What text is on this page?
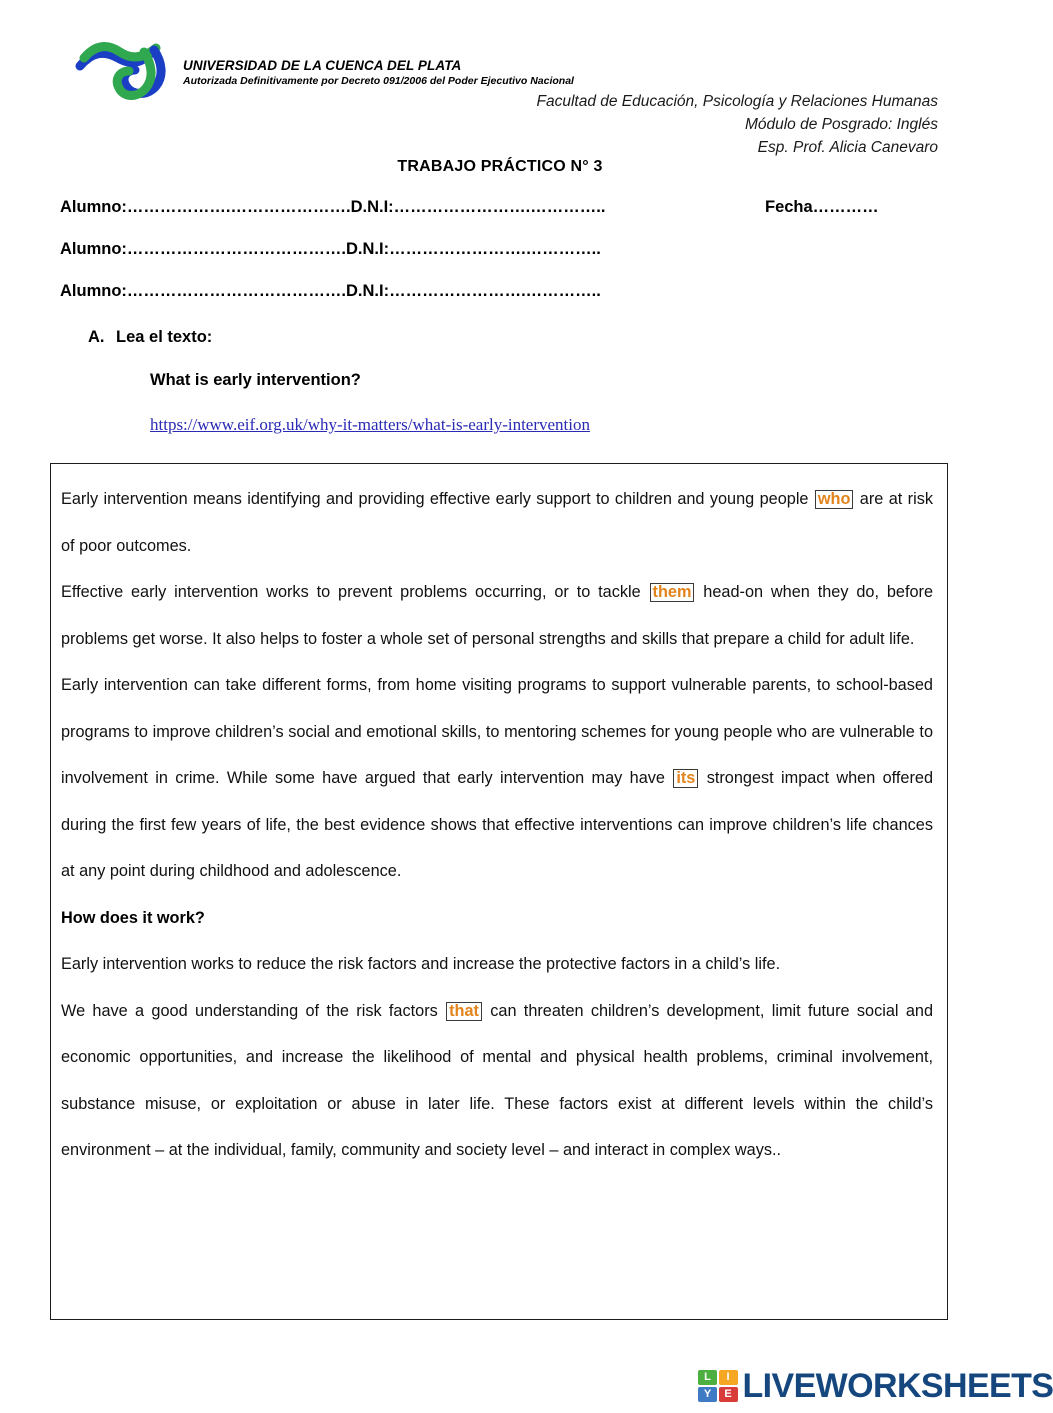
UNIVERSIDAD DE LA CUENCA DEL PLATA
Autorizada Definitivamente por Decreto 091/2006 del Poder Ejecutivo Nacional
Facultad de Educación, Psicología y Relaciones Humanas
Módulo de Posgrado: Inglés
Esp. Prof. Alicia Canevaro
TRABAJO PRÁCTICO N° 3
Alumno:……………….………………….D.N.I:…………………….…………..	Fecha…………
Alumno:………………………………….D.N.I:…………………….…………..
Alumno:………………………………….D.N.I:…………………….…………..
A. Lea el texto:
What is early intervention?
https://www.eif.org.uk/why-it-matters/what-is-early-intervention

Early intervention means identifying and providing effective early support to children and young people who are at risk of poor outcomes.

Effective early intervention works to prevent problems occurring, or to tackle them head-on when they do, before problems get worse. It also helps to foster a whole set of personal strengths and skills that prepare a child for adult life.

Early intervention can take different forms, from home visiting programs to support vulnerable parents, to school-based programs to improve children’s social and emotional skills, to mentoring schemes for young people who are vulnerable to involvement in crime. While some have argued that early intervention may have its strongest impact when offered during the first few years of life, the best evidence shows that effective interventions can improve children’s life chances at any point during childhood and adolescence.

How does it work?

Early intervention works to reduce the risk factors and increase the protective factors in a child’s life.

We have a good understanding of the risk factors that can threaten children’s development, limit future social and economic opportunities, and increase the likelihood of mental and physical health problems, criminal involvement, substance misuse, or exploitation or abuse in later life. These factors exist at different levels within the child’s environment – at the individual, family, community and society level – and interact in complex ways..

L	I
Y	E LIVEWORKSHEETS
